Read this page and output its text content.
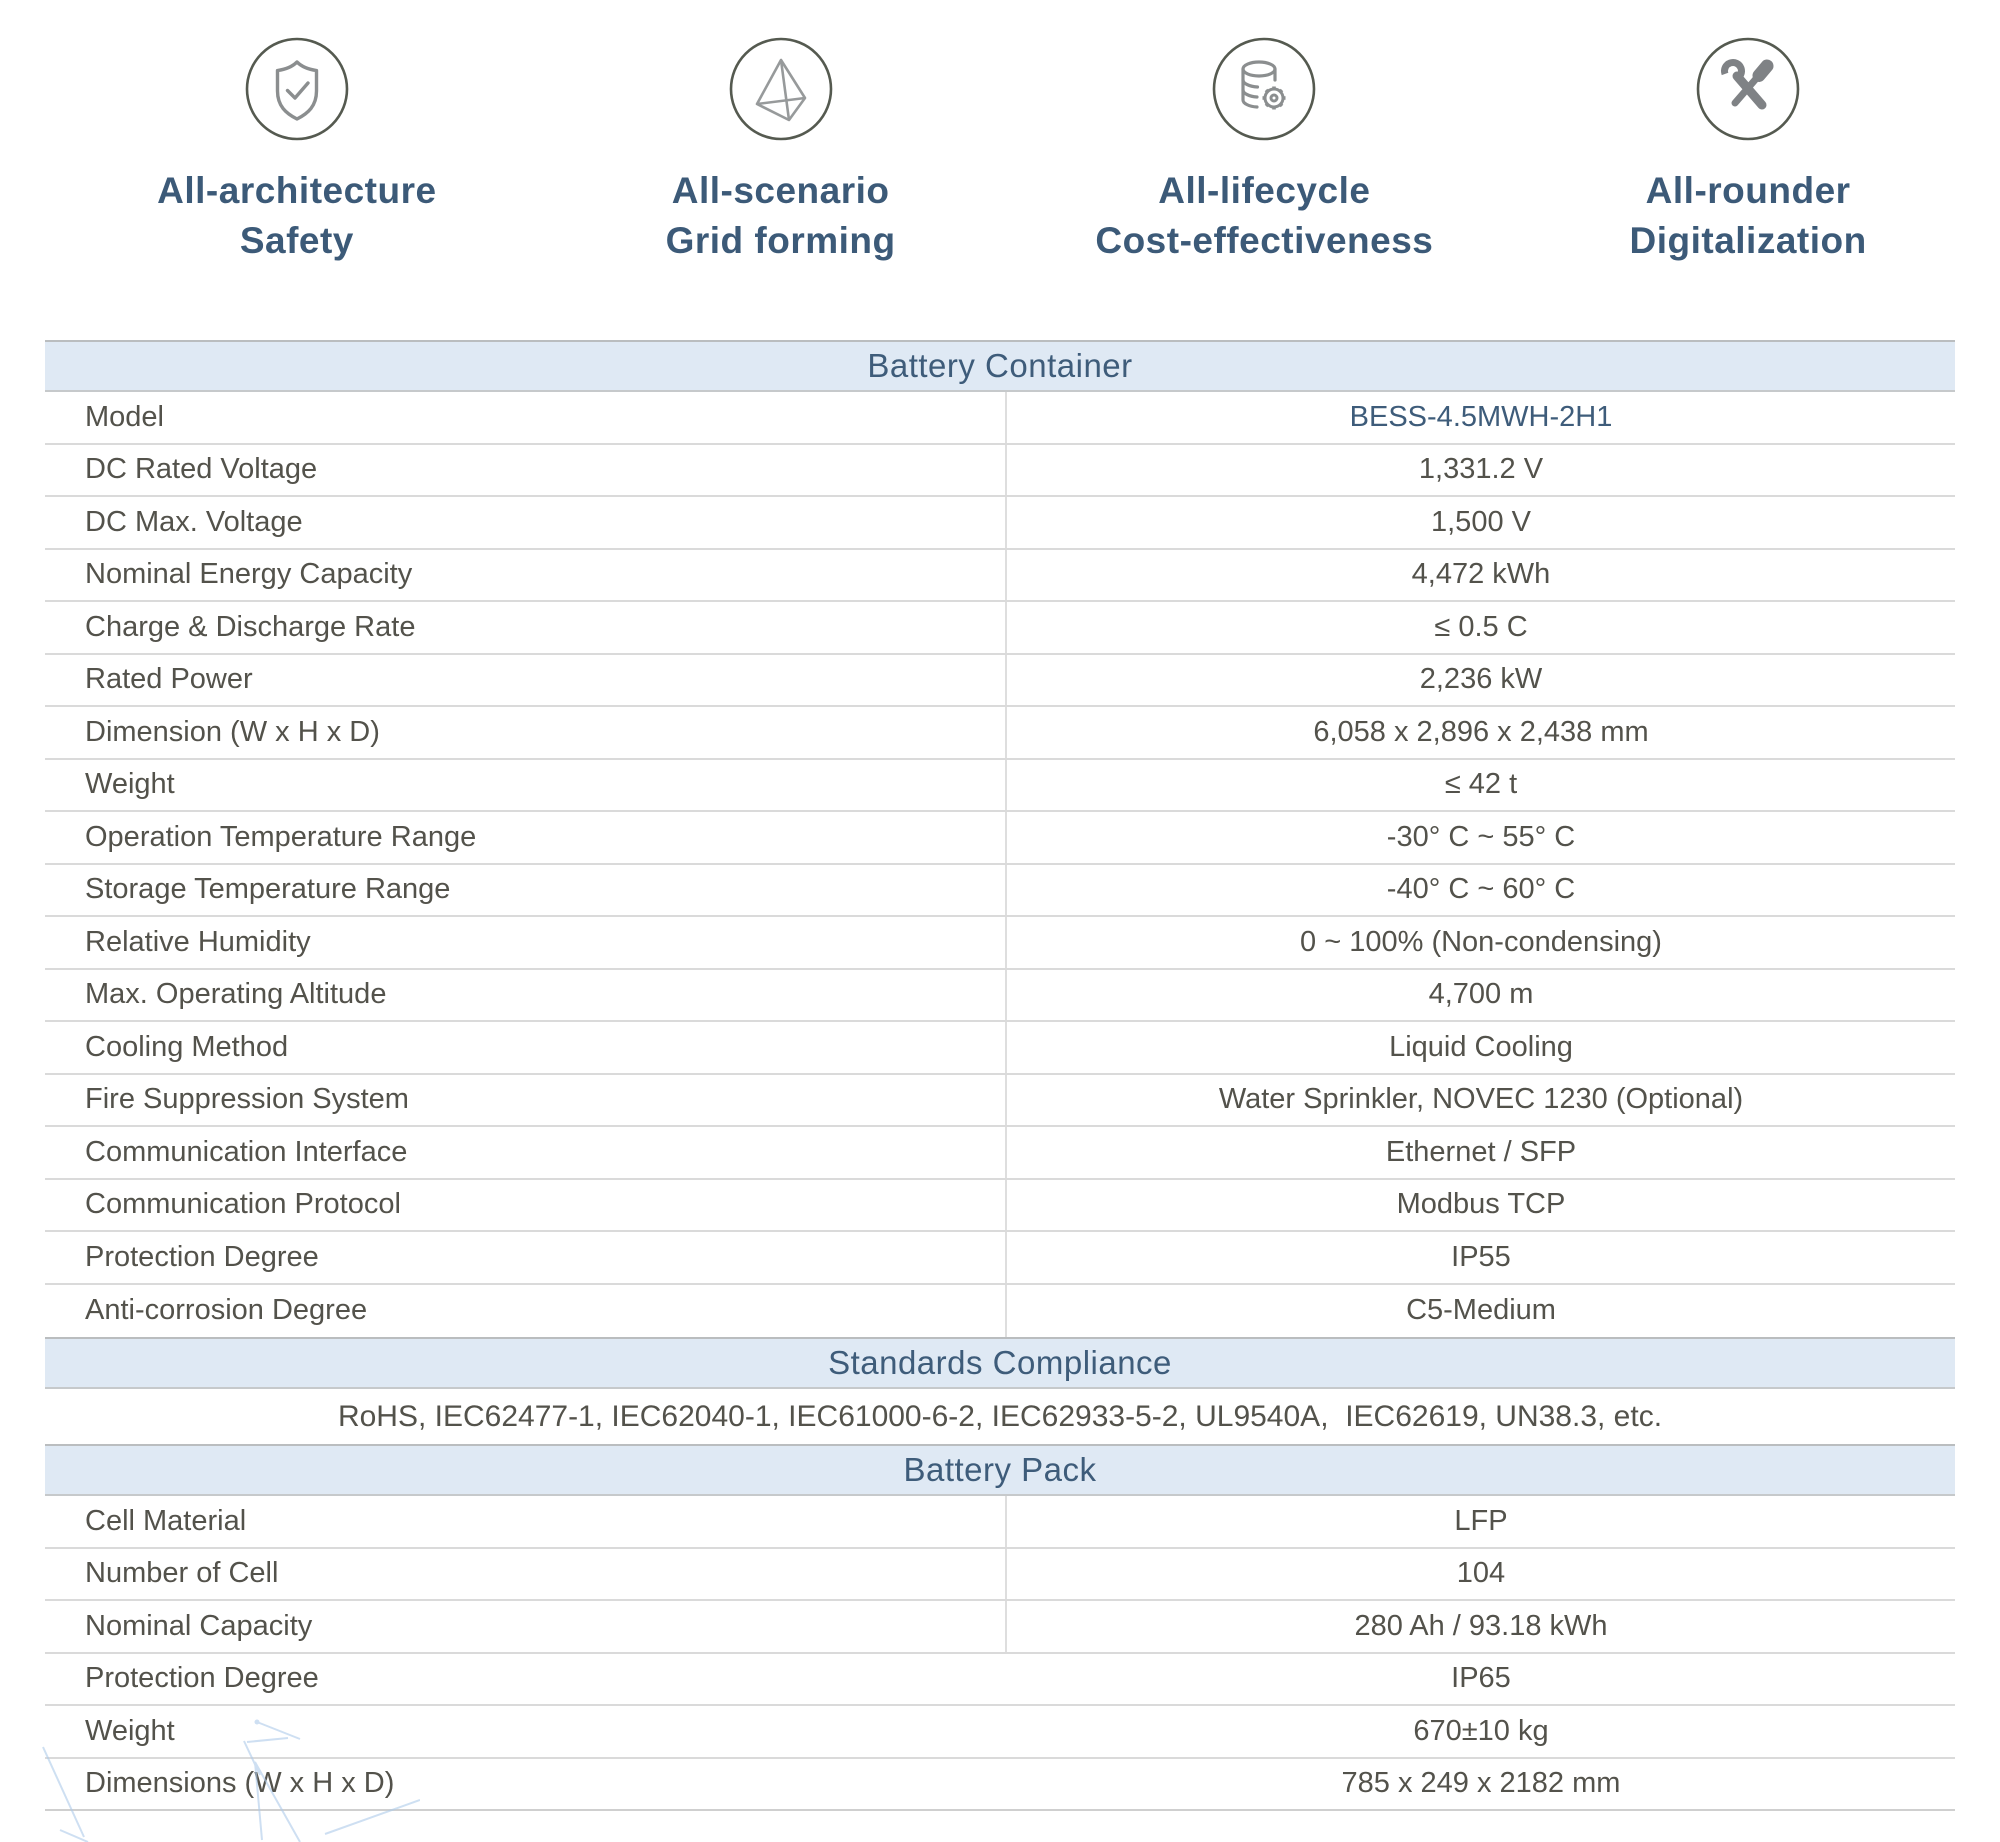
All-architecture
Safety
All-scenario
Grid forming
All-lifecycle
Cost-effectiveness
All-rounder
Digitalization
Battery Container
Model	BESS-4.5MWH-2H1
DC Rated Voltage	1,331.2 V
DC Max. Voltage	1,500 V
Nominal Energy Capacity	4,472 kWh
Charge & Discharge Rate	≤ 0.5 C
Rated Power	2,236 kW
Dimension (W x H x D)	6,058 x 2,896 x 2,438 mm
Weight	≤ 42 t
Operation Temperature Range	-30° C ~ 55° C
Storage Temperature Range	-40° C ~ 60° C
Relative Humidity	0 ~ 100% (Non-condensing)
Max. Operating Altitude	4,700 m
Cooling Method	Liquid Cooling
Fire Suppression System	Water Sprinkler, NOVEC 1230 (Optional)
Communication Interface	Ethernet / SFP
Communication Protocol	Modbus TCP
Protection Degree	IP55
Anti-corrosion Degree	C5-Medium
Standards Compliance
RoHS, IEC62477-1, IEC62040-1, IEC61000-6-2, IEC62933-5-2, UL9540A,  IEC62619, UN38.3, etc.
Battery Pack
Cell Material	LFP
Number of Cell	104
Nominal Capacity	280 Ah / 93.18 kWh
Protection Degree	IP65
Weight	670±10 kg
Dimensions (W x H x D)	785 x 249 x 2182 mm
